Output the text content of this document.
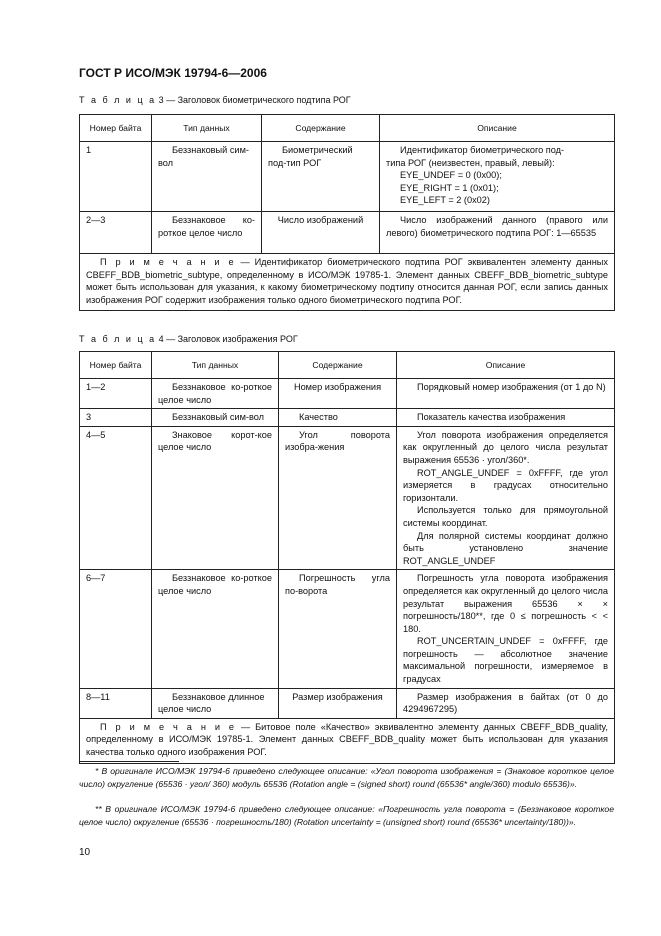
ГОСТ Р ИСО/МЭК 19794-6—2006
Т а б л и ц а 3 — Заголовок биометрического подтипа РОГ
Номер байта	Тип данных	Содержание	Описание
1	Беззнаковый сим-вол	Биометрический под-тип РОГ	Идентификатор биометрического под-
типа РОГ (неизвестен, правый, левый):
EYE_UNDEF = 0 (0x00);
EYE_RIGHT = 1 (0x01);
EYE_LEFT = 2 (0x02)

2—3	Беззнаковое ко-роткое целое число	Число изображений	Число изображений данного (правого или левого) биометрического подтипа РОГ: 1—65535
П р и м е ч а н и е — Идентификатор биометрического подтипа РОГ эквивалентен элементу данных CBEFF_BDB_biometric_subtype, определенному в ИСО/МЭК 19785-1. Элемент данных CBEFF_BDB_biometric_subtype может быть использован для указания, к какому биометрическому подтипу относится данная РОГ, если запись данных изображения РОГ содержит изображения только одного биометрического подтипа РОГ.			
Т а б л и ц а 4 — Заголовок изображения РОГ
Номер байта	Тип данных	Содержание	Описание
1—2	Беззнаковое ко-роткое целое число	Номер изображения	Порядковый номер изображения (от 1 до N)
3	Беззнаковый сим-вол	Качество	Показатель качества изображения
4—5	Знаковое корот-кое целое число	Угол поворота изобра-жения	Угол поворота изображения определяется как округленный до целого числа результат выражения 65536 · угол/360*.
ROT_ANGLE_UNDEF = 0xFFFF, где угол измеряется в градусах относительно горизонтали.
Используется только для прямоугольной системы координат.
Для полярной системы координат должно быть установлено значение ROT_ANGLE_UNDEF

6—7	Беззнаковое ко-роткое целое число	Погрешность угла по-ворота	Погрешность угла поворота изображения определяется как округленный до целого числа результат выражения 65536 × × погрешность/180**, где 0 ≤ погрешность < < 180.
ROT_UNCERTAIN_UNDEF = 0xFFFF, где погрешность — абсолютное значение максимальной погрешности, измеряемое в градусах

8—11	Беззнаковое длинное целое число	Размер изображения	Размер изображения в байтах (от 0 до 4294967295)
П р и м е ч а н и е — Битовое поле «Качество» эквивалентно элементу данных CBEFF_BDB_quality, определенному в ИСО/МЭК 19785-1. Элемент данных CBEFF_BDB_quality может быть использован для указания качества только одного изображения РОГ.			
* В оригинале ИСО/МЭК 19794-6 приведено следующее описание: «Угол поворота изображения = (Знаковое короткое целое число) округление (65536 · угол/ 360) модуль 65536 (Rotation angle = (signed short) round (65536* angle/360) modulo 65536)».
** В оригинале ИСО/МЭК 19794-6 приведено следующее описание: «Погрешность угла поворота = (Беззнаковое короткое целое число) округление (65536 · погрешность/180) (Rotation uncertainty = (unsigned short) round (65536* uncertainty/180))».
10
